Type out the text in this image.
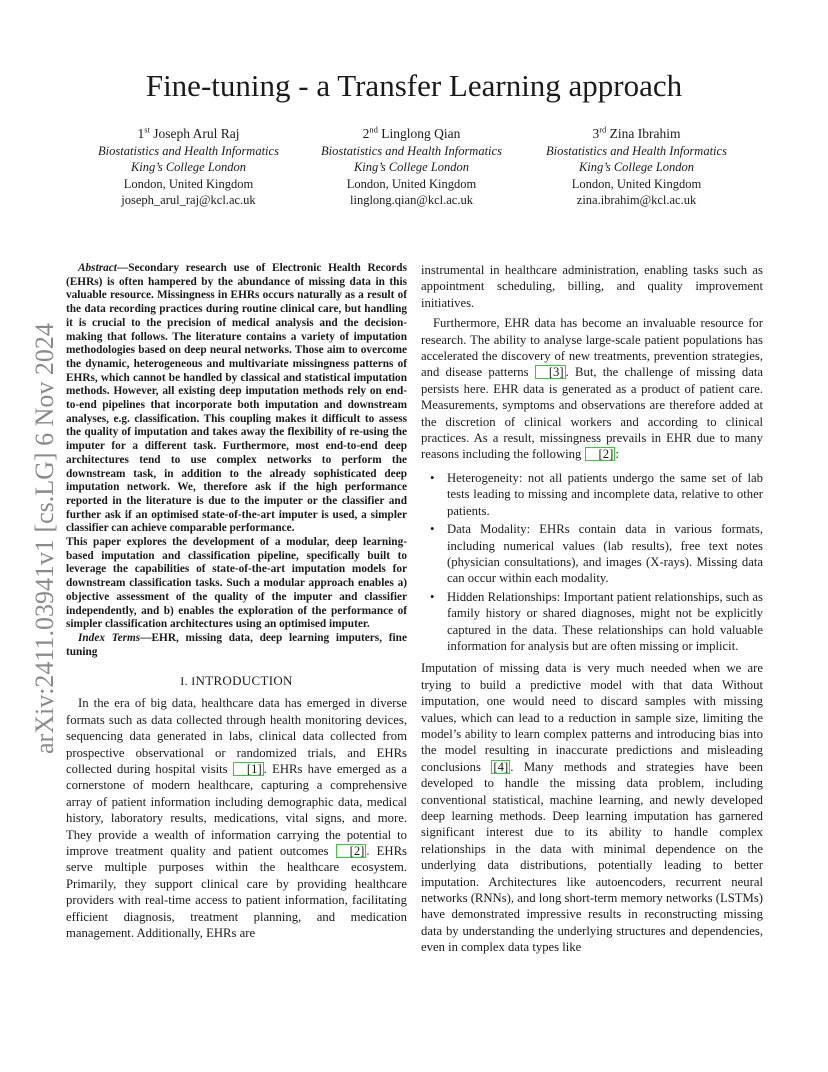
arXiv:2411.03941v1 [cs.LG] 6 Nov 2024
Fine-tuning - a Transfer Learning approach
1st Joseph Arul Raj
Biostatistics and Health Informatics
King’s College London
London, United Kingdom
joseph_arul_raj@kcl.ac.uk
2nd Linglong Qian
Biostatistics and Health Informatics
King’s College London
London, United Kingdom
linglong.qian@kcl.ac.uk
3rd Zina Ibrahim
Biostatistics and Health Informatics
King’s College London
London, United Kingdom
zina.ibrahim@kcl.ac.uk

Abstract—Secondary research use of Electronic Health Records (EHRs) is often hampered by the abundance of missing data in this valuable resource. Missingness in EHRs occurs naturally as a result of the data recording practices during routine clinical care, but handling it is crucial to the precision of medical analysis and the decision-making that follows. The literature contains a variety of imputation methodologies based on deep neural networks. Those aim to overcome the dynamic, heterogeneous and multivariate missingness patterns of EHRs, which cannot be handled by classical and statistical imputation methods. However, all existing deep imputation methods rely on end-to-end pipelines that incorporate both imputation and downstream analyses, e.g. classification. This coupling makes it difficult to assess the quality of imputation and takes away the flexibility of re-using the imputer for a different task. Furthermore, most end-to-end deep architectures tend to use complex networks to perform the downstream task, in addition to the already sophisticated deep imputation network. We, therefore ask if the high performance reported in the literature is due to the imputer or the classifier and further ask if an optimised state-of-the-art imputer is used, a simpler classifier can achieve comparable performance.

This paper explores the development of a modular, deep learning-based imputation and classification pipeline, specifically built to leverage the capabilities of state-of-the-art imputation models for downstream classification tasks. Such a modular approach enables a) objective assessment of the quality of the imputer and classifier independently, and b) enables the exploration of the performance of simpler classification architectures using an optimised imputer.

Index Terms—EHR, missing data, deep learning imputers, fine tuning

I. INTRODUCTION

In the era of big data, healthcare data has emerged in diverse formats such as data collected through health monitoring devices, sequencing data generated in labs, clinical data collected from prospective observational or randomized trials, and EHRs collected during hospital visits [1] . EHRs have emerged as a cornerstone of modern healthcare, capturing a comprehensive array of patient information including demographic data, medical history, laboratory results, medications, vital signs, and more. They provide a wealth of information carrying the potential to improve treatment quality and patient outcomes [2] . EHRs serve multiple purposes within the healthcare ecosystem. Primarily, they support clinical care by providing healthcare providers with real-time access to patient information, facilitating efficient diagnosis, treatment planning, and medication management. Additionally, EHRs are

instrumental in healthcare administration, enabling tasks such as appointment scheduling, billing, and quality improvement initiatives.

Furthermore, EHR data has become an invaluable resource for research. The ability to analyse large-scale patient populations has accelerated the discovery of new treatments, prevention strategies, and disease patterns [3] . But, the challenge of missing data persists here. EHR data is generated as a product of patient care. Measurements, symptoms and observations are therefore added at the discretion of clinical workers and according to clinical practices. As a result, missingness prevails in EHR due to many reasons including the following [2] :

• Heterogeneity: not all patients undergo the same set of lab tests leading to missing and incomplete data, relative to other patients.
• Data Modality: EHRs contain data in various formats, including numerical values (lab results), free text notes (physician consultations), and images (X-rays). Missing data can occur within each modality.
• Hidden Relationships: Important patient relationships, such as family history or shared diagnoses, might not be explicitly captured in the data. These relationships can hold valuable information for analysis but are often missing or implicit.

Imputation of missing data is very much needed when we are trying to build a predictive model with that data Without imputation, one would need to discard samples with missing values, which can lead to a reduction in sample size, limiting the model’s ability to learn complex patterns and introducing bias into the model resulting in inaccurate predictions and misleading conclusions [4] . Many methods and strategies have been developed to handle the missing data problem, including conventional statistical, machine learning, and newly developed deep learning methods. Deep learning imputation has garnered significant interest due to its ability to handle complex relationships in the data with minimal dependence on the underlying data distributions, potentially leading to better imputation. Architectures like autoencoders, recurrent neural networks (RNNs), and long short-term memory networks (LSTMs) have demonstrated impressive results in reconstructing missing data by understanding the underlying structures and dependencies, even in complex data types like
